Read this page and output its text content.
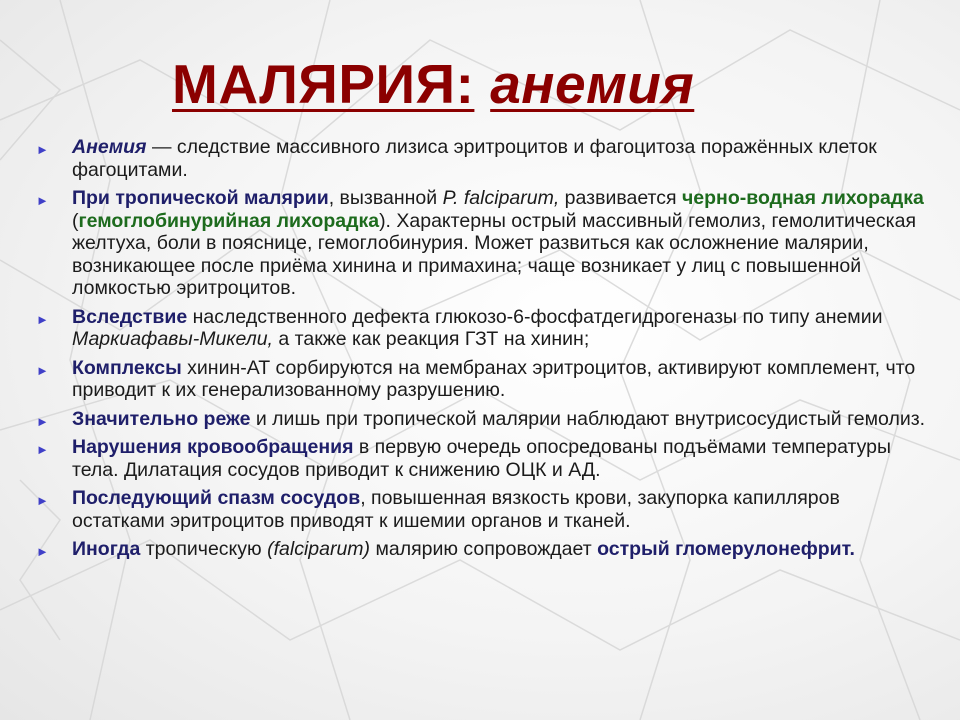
МАЛЯРИЯ: анемия
► Анемия — следствие массивного лизиса эритроцитов и фагоцитоза поражённых клеток фагоцитами.
► При тропической малярии, вызванной P. falciparum, развивается черно-водная лихорадка (гемоглобинурийная лихорадка). Характерны острый массивный гемолиз, гемолитическая желтуха, боли в пояснице, гемоглобинурия. Может развиться как осложнение малярии, возникающее после приёма хинина и примахина; чаще возникает у лиц с повышенной ломкостью эритроцитов.
► Вследствие наследственного дефекта глюкозо-6-фосфатдегидрогеназы по типу анемии Маркиафавы-Микели, а также как реакция ГЗТ на хинин;
► Комплексы хинин-АТ сорбируются на мембранах эритроцитов, активируют комплемент, что приводит к их генерализованному разрушению.
► Значительно реже и лишь при тропической малярии наблюдают внутрисосудистый гемолиз.
► Нарушения кровообращения в первую очередь опосредованы подъёмами температуры тела. Дилатация сосудов приводит к снижению ОЦК и АД.
► Последующий спазм сосудов, повышенная вязкость крови, закупорка капилляров остатками эритроцитов приводят к ишемии органов и тканей.
► Иногда тропическую (falciparum) малярию сопровождает острый гломерулонефрит.
